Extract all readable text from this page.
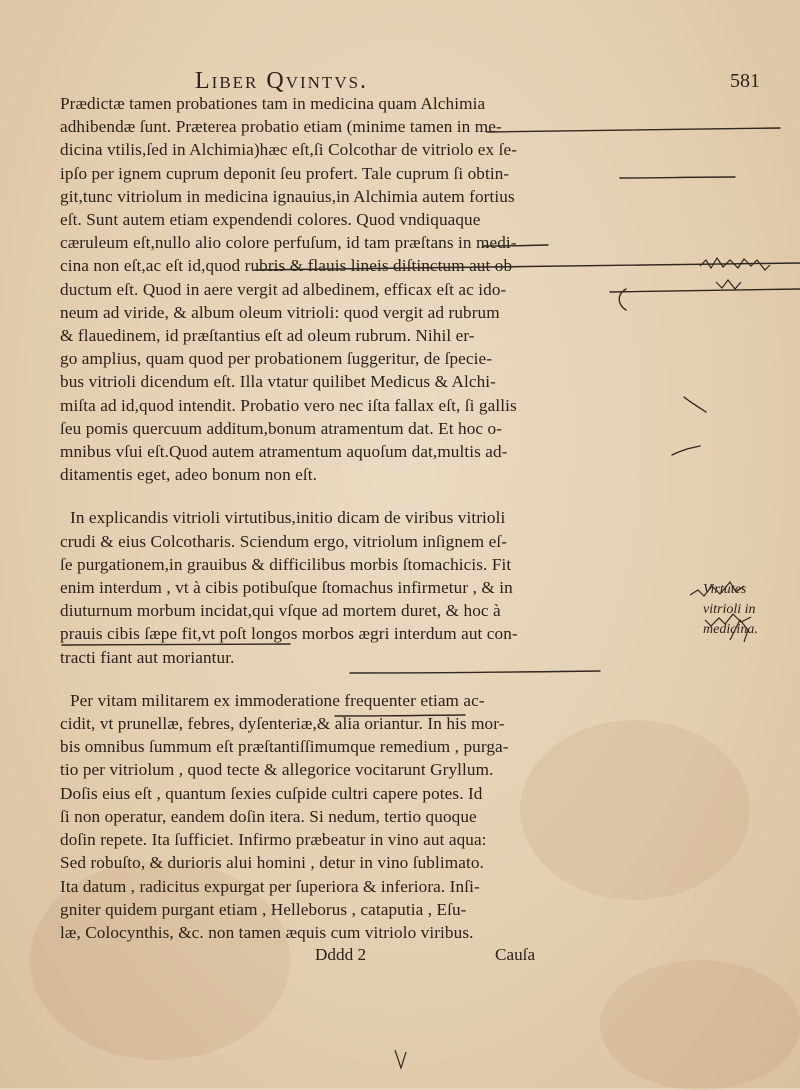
Liber Qvintvs.	581
Prædictæ tamen probationes tam in medicina quam Alchimia
adhibendæ ſunt. Præterea probatio etiam (minime tamen in me-
dicina vtilis,ſed in Alchimia)hæc eſt,ſi Colcothar de vitriolo ex ſe-
ipſo per ignem cuprum deponit ſeu profert. Tale cuprum ſi obtin-
git,tunc vitriolum in medicina ignauius,in Alchimia autem fortius
eſt. Sunt autem etiam expendendi colores. Quod vndiquaque
cæruleum eſt,nullo alio colore perfuſum, id tam præſtans in medi-
cina non eſt,ac eſt id,quod rubris & flauis lineis diſtinctum aut ob-
ductum eſt. Quod in aere vergit ad albedinem, efficax eſt ac ido-
neum ad viride, & album oleum vitrioli: quod vergit ad rubrum
& flauedinem, id præſtantius eſt ad oleum rubrum. Nihil er-
go amplius, quam quod per probationem ſuggeritur, de ſpecie-
bus vitrioli dicendum eſt. Illa vtatur quilibet Medicus & Alchi-
miſta ad id,quod intendit. Probatio vero nec iſta fallax eſt, ſi gallis
ſeu pomis quercuum additum,bonum atramentum dat. Et hoc o-
mnibus vſui eſt.Quod autem atramentum aquoſum dat,multis ad-
ditamentis eget, adeo bonum non eſt.
In explicandis vitrioli virtutibus,initio dicam de viribus vitrioli
crudi & eius Colcotharis. Sciendum ergo, vitriolum inſignem eſ-
ſe purgationem,in grauibus & difficilibus morbis ſtomachicis. Fit
enim interdum , vt à cibis potibuſque ſtomachus infirmetur , & in
diuturnum morbum incidat,qui vſque ad mortem duret, & hoc à
prauis cibis ſæpe fit,vt poſt longos morbos ægri interdum aut con-
tracti fiant aut moriantur.
Per vitam militarem ex immoderatione frequenter etiam ac-
cidit, vt prunellæ, febres, dyſenteriæ,& alia oriantur. In his mor-
bis omnibus ſummum eſt præſtantiſſimumque remedium , purga-
tio per vitriolum , quod tecte & allegorice vocitarunt Gryllum.
Doſis eius eſt , quantum ſexies cuſpide cultri capere potes. Id
ſi non operatur, eandem doſin itera. Si nedum, tertio quoque
doſin repete. Ita ſufficiet. Infirmo præbeatur in vino aut aqua:
Sed robuſto, & durioris alui homini , detur in vino ſublimato.
Ita datum , radicitus expurgat per ſuperiora & inferiora. Inſi-
gniter quidem purgant etiam , Helleborus , cataputia , Eſu-
læ, Colocynthis, &c. non tamen æquis cum vitriolo viribus.
Dddd 2	Cauſa
Virtutes
vitrioli in
medicina.
